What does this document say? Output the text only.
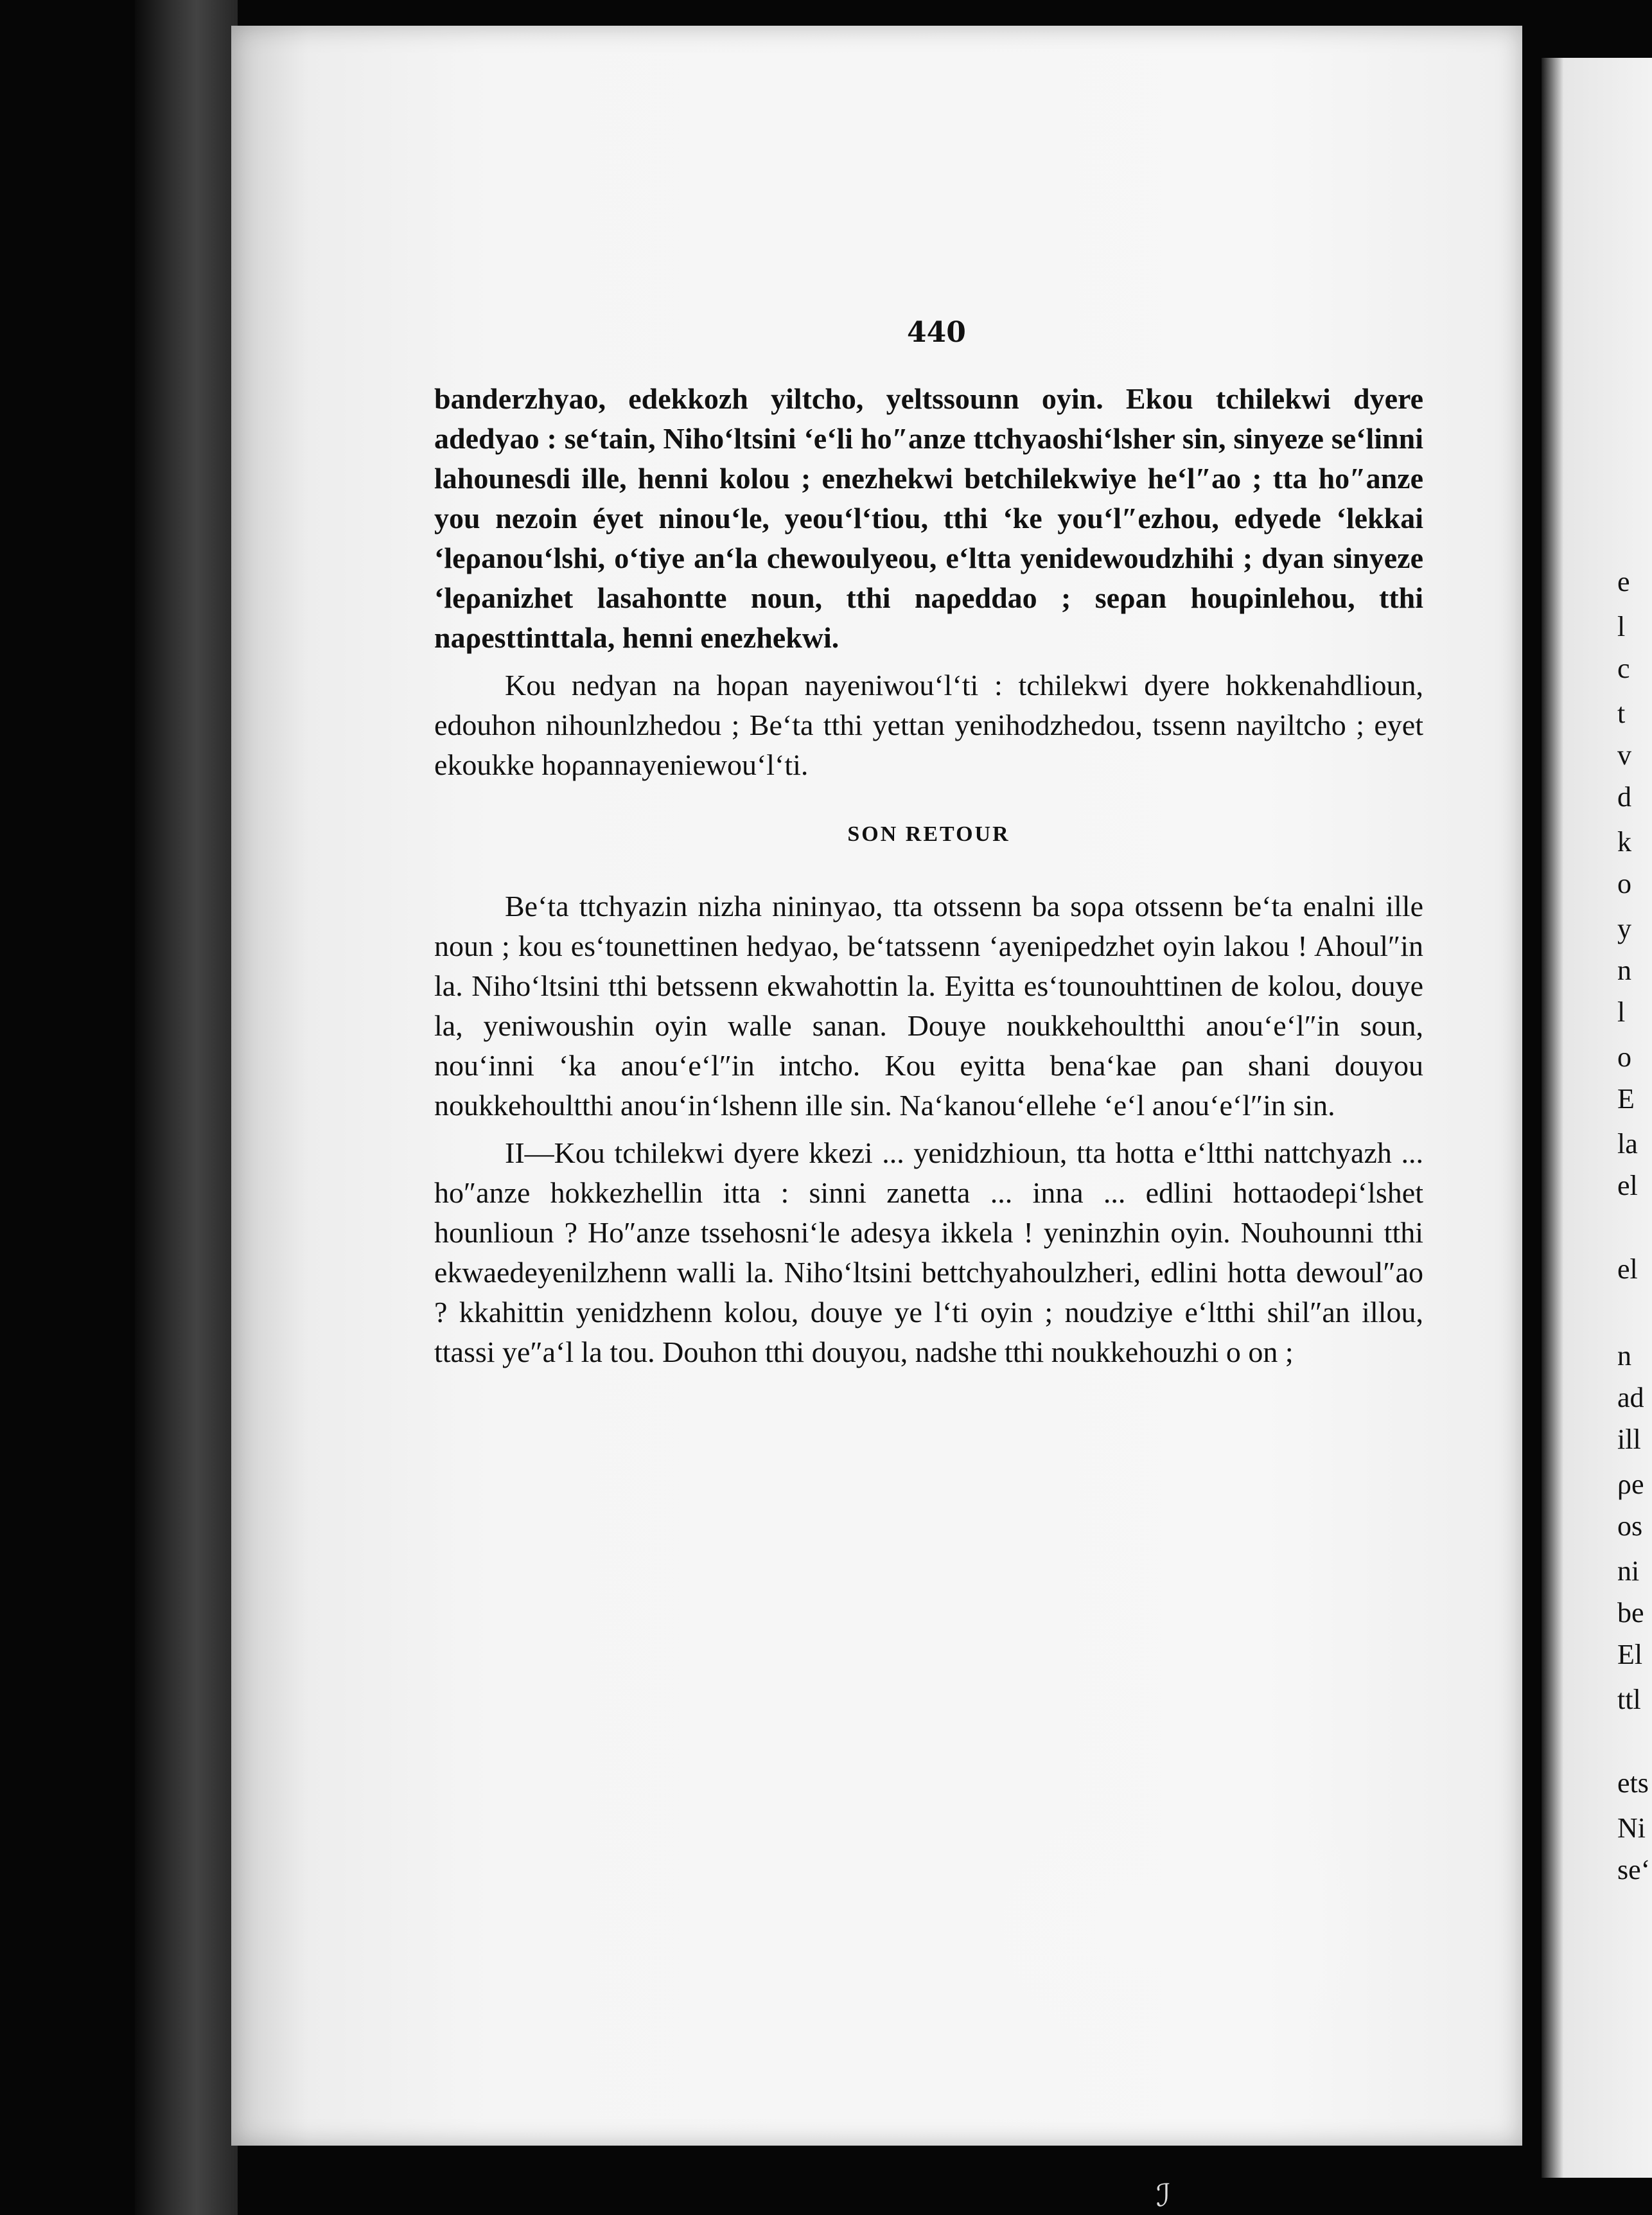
440

banderzhyao, edekkozh yiltcho, yeltssounn oyin. Ekou tchilekwi dyere adedyao : se‘tain, Niho‘ltsini ‘e‘li ho″anze ttchyaoshi‘lsher sin, sinyeze se‘linni lahounesdi ille, henni kolou ; enezhekwi betchilekwiye he‘l″ao ; tta ho″anze you nezoin éyet ninou‘le, yeou‘l‘tiou, tthi ‘ke you‘l″ezhou, edyede ‘lekkai ‘leρanou‘lshi, o‘tiye an‘la chewoulyeou, e‘ltta yenidewoudzhihi ; dyan sinyeze ‘leρanizhet lasahontte noun, tthi naρeddao ; seρan houρinlehou, tthi naρesttinttala, henni enezhekwi.

Kou nedyan na hoρan nayeniwou‘l‘ti : tchilekwi dyere hokkenahdlioun, edouhon nihounlzhedou ; Be‘ta tthi yettan yenihodzhedou, tssenn nayiltcho ; eyet ekoukke hoρannayeniewou‘l‘ti.

SON RETOUR

Be‘ta ttchyazin nizha nininyao, tta otssenn ba soρa otssenn be‘ta enalni ille noun ; kou es‘tounettinen hedyao, be‘tatssenn ‘ayeniρedzhet oyin lakou ! Ahoul″in la. Niho‘ltsini tthi betssenn ekwahottin la. Eyitta es‘tounouhttinen de kolou, douye la, yeniwoushin oyin walle sanan. Douye noukkehoultthi anou‘e‘l″in soun, nou‘inni ‘ka anou‘e‘l″in intcho. Kou eyitta bena‘kae ρan shani douyou noukkehoultthi anou‘in‘lshenn ille sin. Na‘kanou‘ellehe ‘e‘l anou‘e‘l″in sin.

II—Kou tchilekwi dyere kkezi ... yenidzhioun, tta hotta e‘ltthi nattchyazh ... ho″anze hokkezhellin itta : sinni zanetta ... inna ... edlini hottaodeρi‘lshet hounlioun ? Ho″anze tssehosni‘le adesya ikkela ! yeninzhin oyin. Nouhounni tthi ekwaedeyenilzhenn walli la. Niho‘ltsini bettchyahoulzheri, edlini hotta dewoul″ao ? kkahittin yenidzhenn kolou, douye ye l‘ti oyin ; noudziye e‘ltthi shil″an illou, ttassi ye″a‘l la tou. Douhon tthi douyou, nadshe tthi noukkehouzhi o on ;

e
l
c
t
v
d
k
o
y
n
l
o
E
la
el
el
n
ad
ill
ρe
os
ni
be
El
ttl
ets
Ni
se‘
ℐ
